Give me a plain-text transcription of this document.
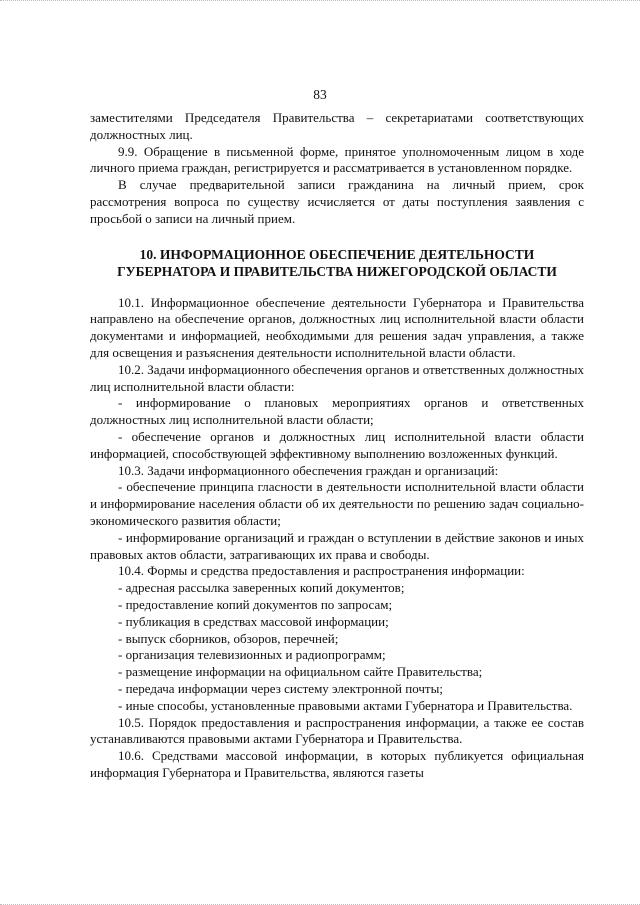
83

заместителями Председателя Правительства – секретариатами соответствующих должностных лиц.

9.9. Обращение в письменной форме, принятое уполномоченным лицом в ходе личного приема граждан, регистрируется и рассматривается в установленном порядке.

В случае предварительной записи гражданина на личный прием, срок рассмотрения вопроса по существу исчисляется от даты поступления заявления с просьбой о записи на личный прием.

10. ИНФОРМАЦИОННОЕ ОБЕСПЕЧЕНИЕ ДЕЯТЕЛЬНОСТИ ГУБЕРНАТОРА И ПРАВИТЕЛЬСТВА НИЖЕГОРОДСКОЙ ОБЛАСТИ

10.1. Информационное обеспечение деятельности Губернатора и Правительства направлено на обеспечение органов, должностных лиц исполнительной власти области документами и информацией, необходимыми для решения задач управления, а также для освещения и разъяснения деятельности исполнительной власти области.

10.2. Задачи информационного обеспечения органов и ответственных должностных лиц исполнительной власти области:

- информирование о плановых мероприятиях органов и ответственных должностных лиц исполнительной власти области;

- обеспечение органов и должностных лиц исполнительной власти области информацией, способствующей эффективному выполнению возложенных функций.

10.3. Задачи информационного обеспечения граждан и организаций:

- обеспечение принципа гласности в деятельности исполнительной власти области и информирование населения области об их деятельности по решению задач социально-экономического развития области;

- информирование организаций и граждан о вступлении в действие законов и иных правовых актов области, затрагивающих их права и свободы.

10.4. Формы и средства предоставления и распространения информации:

- адресная рассылка заверенных копий документов;

- предоставление копий документов по запросам;

- публикация в средствах массовой информации;

- выпуск сборников, обзоров, перечней;

- организация телевизионных и радиопрограмм;

- размещение информации на официальном сайте Правительства;

- передача информации через систему электронной почты;

- иные способы, установленные правовыми актами Губернатора и Правительства.

10.5. Порядок предоставления и распространения информации, а также ее состав устанавливаются правовыми актами Губернатора и Правительства.

10.6. Средствами массовой информации, в которых публикуется официальная информация Губернатора и Правительства, являются газеты
